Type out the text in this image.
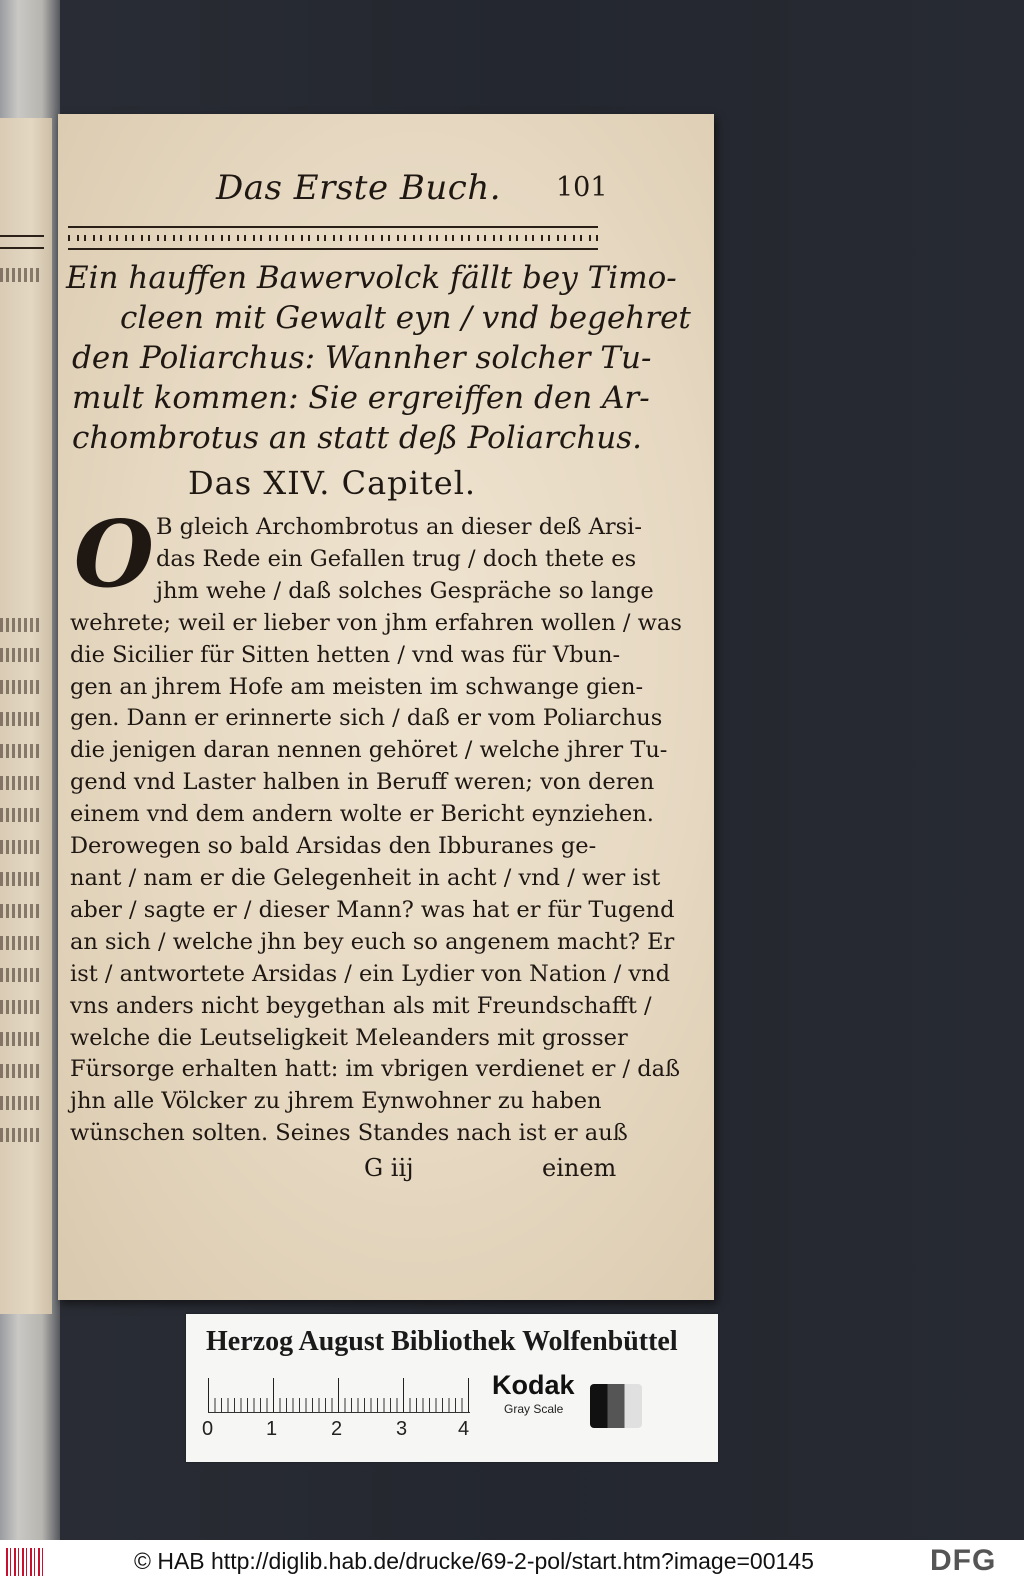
Das Erste Buch. 101
Ein hauffen Bawervolck fällt bey Timo-
cleen mit Gewalt eyn / vnd begehret
den Poliarchus: Wannher solcher Tu-
mult kommen: Sie ergreiffen den Ar-
chombrotus an statt deß Poliarchus.
Das XIV. Capitel.
O B gleich Archombrotus an dieser deß Arsi-
das Rede ein Gefallen trug / doch thete es
jhm wehe / daß solches Gespräche so lange
wehrete; weil er lieber von jhm erfahren wollen / was
die Sicilier für Sitten hetten / vnd was für Vbun-
gen an jhrem Hofe am meisten im schwange gien-
gen. Dann er erinnerte sich / daß er vom Poliarchus
die jenigen daran nennen gehöret / welche jhrer Tu-
gend vnd Laster halben in Beruff weren; von deren
einem vnd dem andern wolte er Bericht eynziehen.
Derowegen so bald Arsidas den Ibburanes ge-
nant / nam er die Gelegenheit in acht / vnd / wer ist
aber / sagte er / dieser Mann? was hat er für Tugend
an sich / welche jhn bey euch so angenem macht? Er
ist / antwortete Arsidas / ein Lydier von Nation / vnd
vns anders nicht beygethan als mit Freundschafft /
welche die Leutseligkeit Meleanders mit grosser
Fürsorge erhalten hatt: im vbrigen verdienet er / daß
jhn alle Völcker zu jhrem Eynwohner zu haben
wünschen solten. Seines Standes nach ist er auß
G iij	einem
Herzog August Bibliothek Wolfenbüttel
0	1	2	3	4
Kodak
Gray Scale
© HAB http://diglib.hab.de/drucke/69-2-pol/start.htm?image=00145	DFG
